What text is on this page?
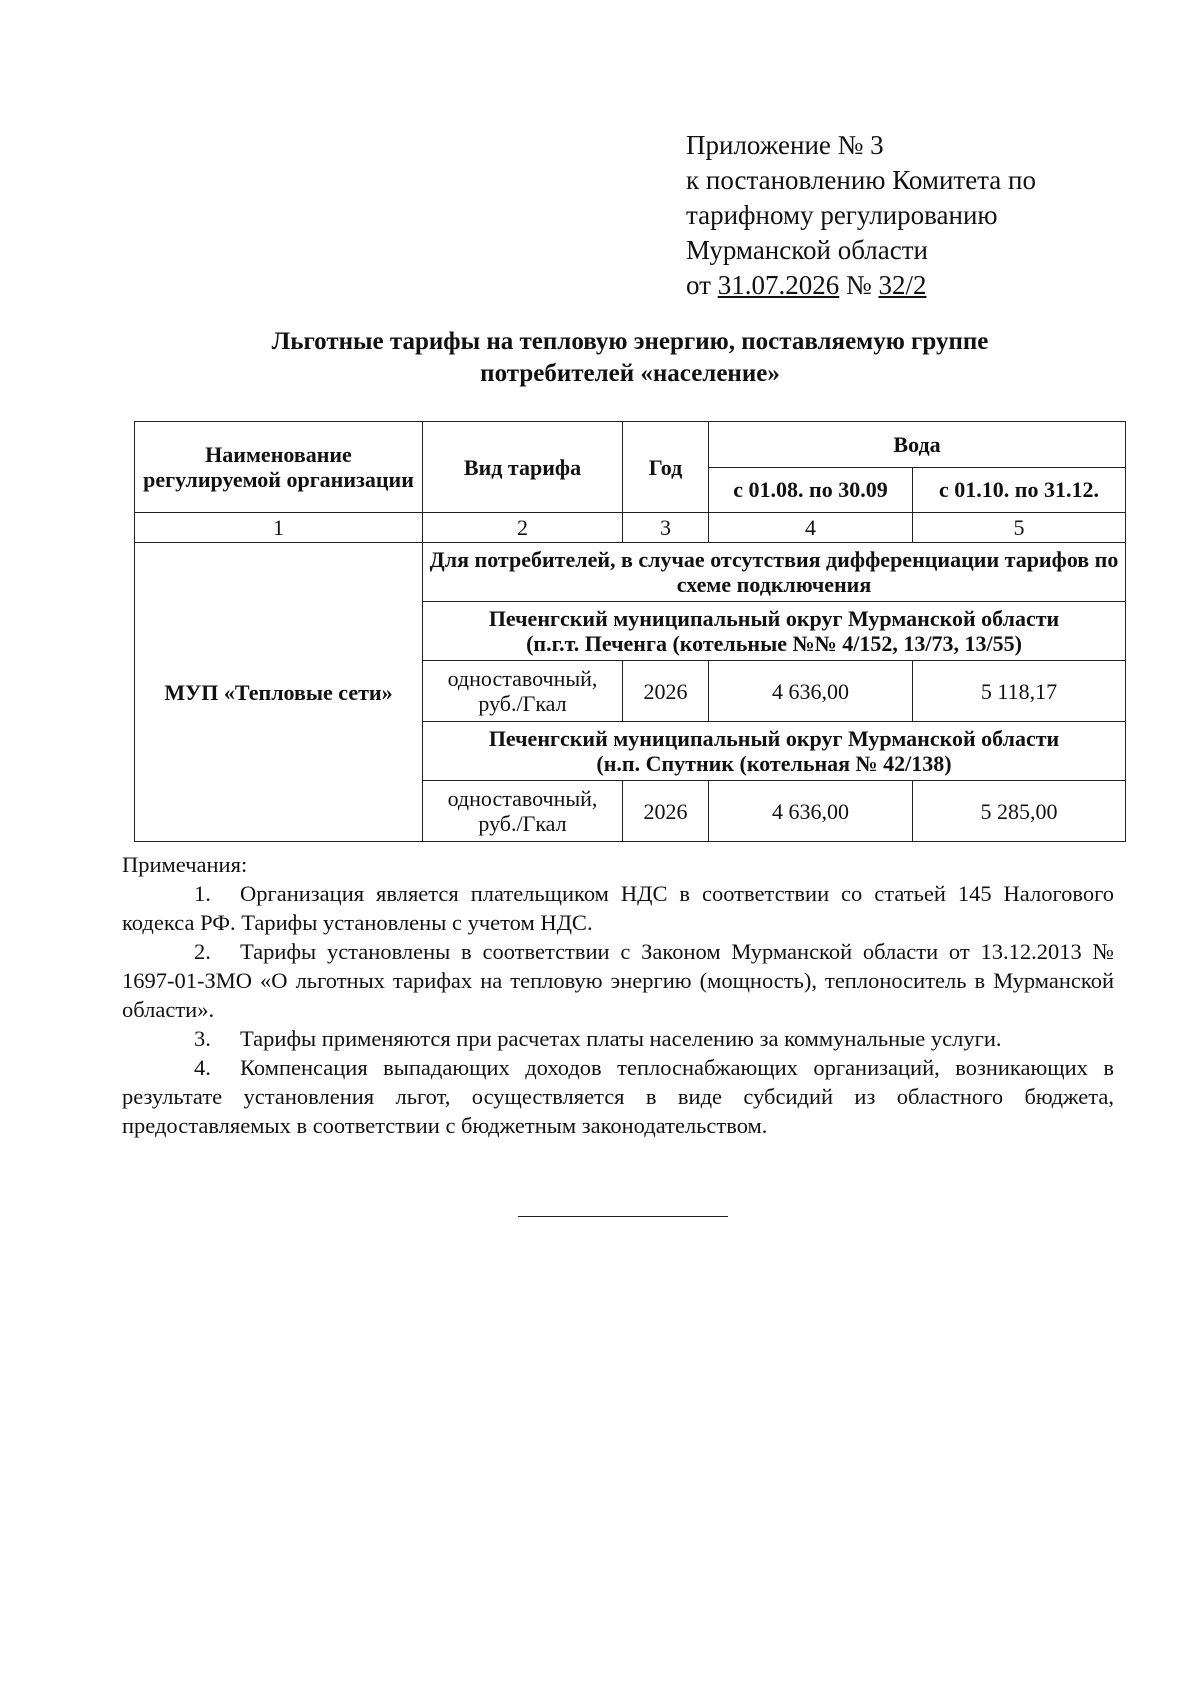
Приложение № 3
к постановлению Комитета по
тарифному регулированию
Мурманской области
от 31.07.2026 № 32/2
Льготные тарифы на тепловую энергию, поставляемую группе
потребителей «население»
Наименование регулируемой организации	Вид тарифа	Год	Вода	
			с 01.08. по 30.09	с 01.10. по 31.12.
1	2	3	4	5
МУП «Тепловые сети»	Для потребителей, в случае отсутствия дифференциации тарифов по схеме подключения			

	Печенгский муниципальный округ Мурманской области
(п.г.т. Печенга (котельные №№ 4/152, 13/73, 13/55)			

	одноставочный, руб./Гкал	2026	4 636,00	5 118,17

	Печенгский муниципальный округ Мурманской области
(н.п. Спутник (котельная № 42/138)			

	одноставочный, руб./Гкал	2026	4 636,00	5 285,00

Примечания:

1. Организация является плательщиком НДС в соответствии со статьей 145 Налогового кодекса РФ. Тарифы установлены с учетом НДС.

2. Тарифы установлены в соответствии с Законом Мурманской области от 13.12.2013 № 1697-01-ЗМО «О льготных тарифах на тепловую энергию (мощность), теплоноситель в Мурманской области».

3. Тарифы применяются при расчетах платы населению за коммунальные услуги.

4. Компенсация выпадающих доходов теплоснабжающих организаций, возникающих в результате установления льгот, осуществляется в виде субсидий из областного бюджета, предоставляемых в соответствии с бюджетным законодательством.
